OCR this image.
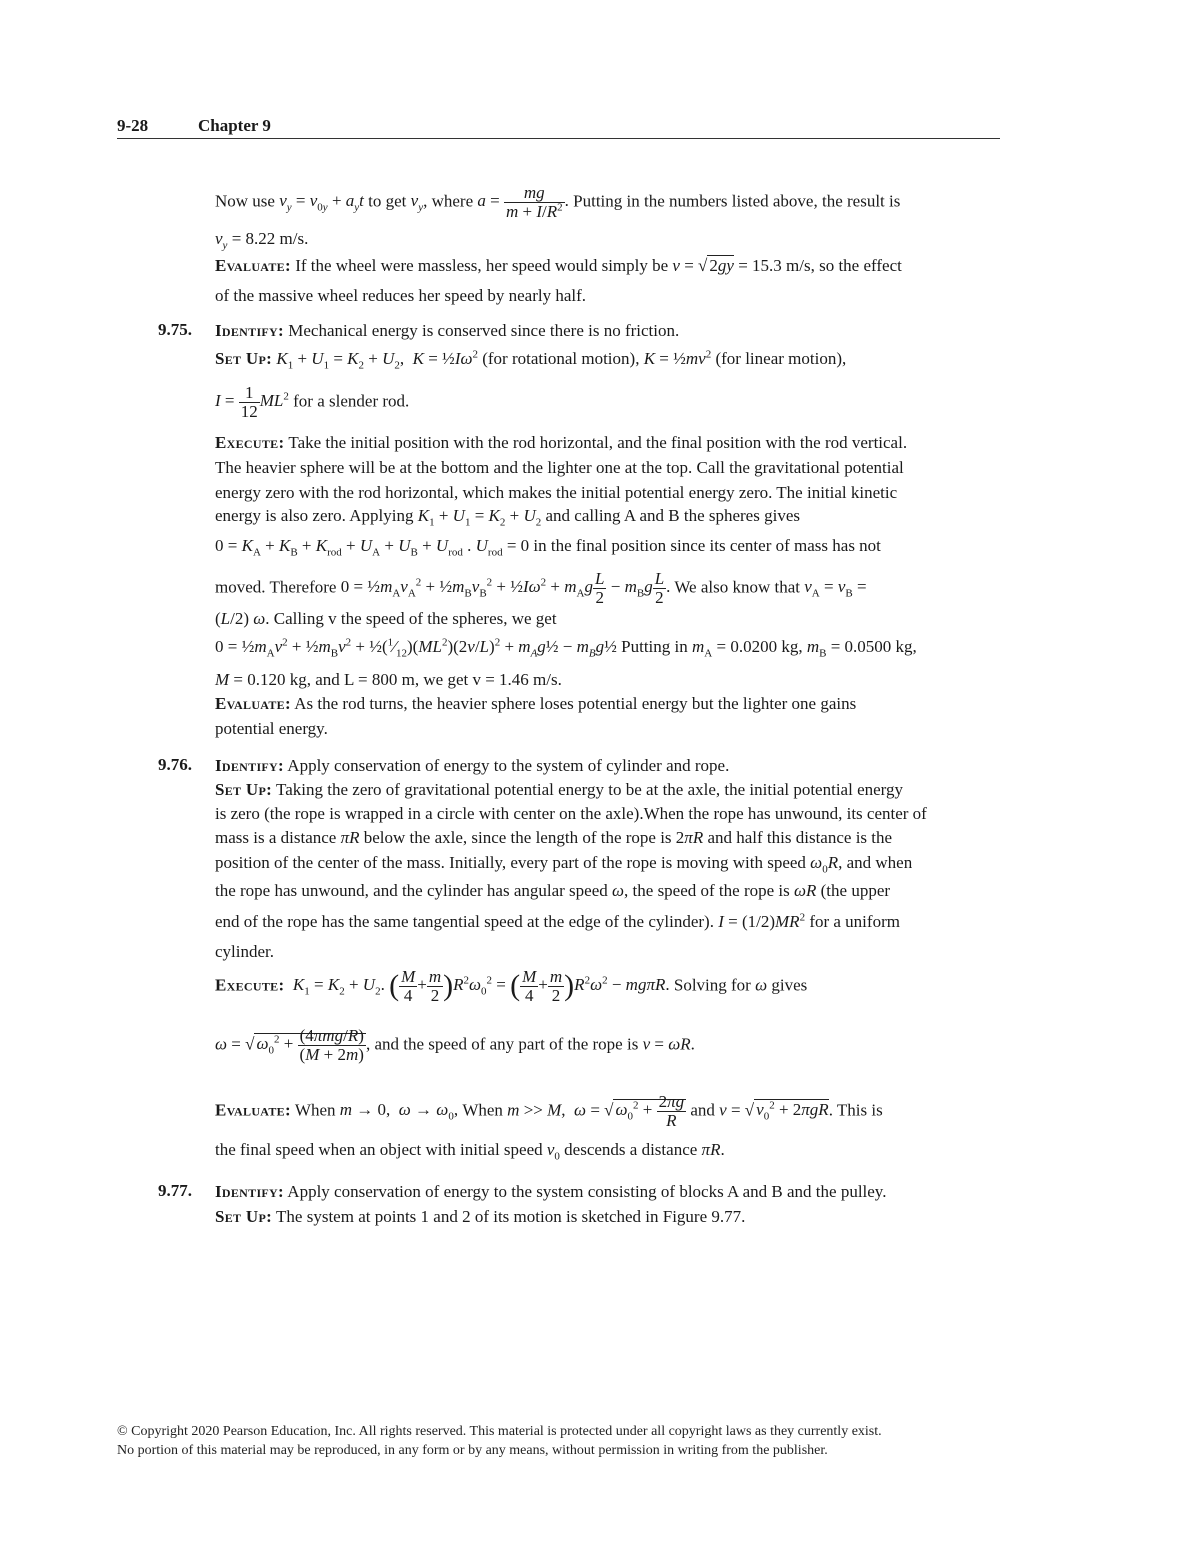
9-28	Chapter 9
Now use $v_y = v_{0y} + a_yt$ to get $v_y$, where $a = \frac{mg}{m + I/R^2}$ . Putting in the numbers listed above, the result is
$v_y = 8.22$ m/s.
Evaluate: If the wheel were massless, her speed would simply be v = √ 2gy = 15.3 m/s, so the effect
of the massive wheel reduces her speed by nearly half.
9.75. Identify: Mechanical energy is conserved since there is no friction.
Set Up: $K_1 + U_1 = K_2 + U_2$,  $K = \frac{1}{2}I\omega^2$ (for rotational motion), $K = \frac{1}{2}mv^2$ (for linear motion),
$I = \frac{1}{12} ML^2$ for a slender rod.
Execute: Take the initial position with the rod horizontal, and the final position with the rod vertical.
The heavier sphere will be at the bottom and the lighter one at the top. Call the gravitational potential
energy zero with the rod horizontal, which makes the initial potential energy zero. The initial kinetic
energy is also zero. Applying $K_1 + U_1 = K_2 + U_2$ and calling A and B the spheres gives
$0 = K_A + K_B + K_{rod} + U_A + U_B + U_{rod}$ . $U_{rod} = 0$ in the final position since its center of mass has not
moved. Therefore $0 = \frac{1}{2}m_Av_A^2$ + $\frac{1}{2}m_Bv_B^2$ + $\frac{1}{2}I\omega^2 + m_Ag \frac{L}{2} - m_Bg \frac{L}{2}$ . We also know that $v_A = v_B$ =
(L/2) ω. Calling v the speed of the spheres, we get
$0 = \frac{1}{2}m_Av^2$ + $\frac{1}{2}m_Bv^2$ + $\frac{1}{2}(^1⁄_{12})(ML^2)(2v/L)^2$ + $m_Ag\frac{1}{2}$ − $m_Bg\frac{1}{2}$ Putting in $m_A = 0.0200$ kg, $m_B = 0.0500$ kg,
M = 0.120 kg, and L = 800 m, we get v = 1.46 m/s.
Evaluate: As the rod turns, the heavier sphere loses potential energy but the lighter one gains
potential energy.
9.76. Identify: Apply conservation of energy to the system of cylinder and rope.
Set Up: Taking the zero of gravitational potential energy to be at the axle, the initial potential energy
is zero (the rope is wrapped in a circle with center on the axle).When the rope has unwound, its center of
mass is a distance πR below the axle, since the length of the rope is 2πR and half this distance is the
position of the center of the mass. Initially, every part of the rope is moving with speed $\omega_0R$, and when
the rope has unwound, and the cylinder has angular speed ω, the speed of the rope is ωR (the upper
end of the rope has the same tangential speed at the edge of the cylinder). $I = (1/2)MR^2$ for a uniform
cylinder.
Execute: $K_1 = K_2 + U_2$. ( $\frac{M}{4} + \frac{m}{2} )R^2\omega_0^2$ = ( $\frac{M}{4} + \frac{m}{2} )R^2\omega^2 - mg\pi R$. Solving for ω gives
ω = √ $\omega_0^2 + \frac{\text{(4πmg/R)}}{(M + 2m)}$ , and the speed of any part of the rope is v = ωR.
Evaluate: When m → 0,  $\omega \to \omega_0$, When m >> M,  ω = √ $\omega_0^2 + \frac{2\pi g}{R}$ and v = √ $v_0^2 + 2\pi gR$. This is
the final speed when an object with initial speed $v_0$ descends a distance πR.
9.77. Identify: Apply conservation of energy to the system consisting of blocks A and B and the pulley.
Set Up: The system at points 1 and 2 of its motion is sketched in Figure 9.77.
© Copyright 2020 Pearson Education, Inc. All rights reserved. This material is protected under all copyright laws as they currently exist.
No portion of this material may be reproduced, in any form or by any means, without permission in writing from the publisher.
